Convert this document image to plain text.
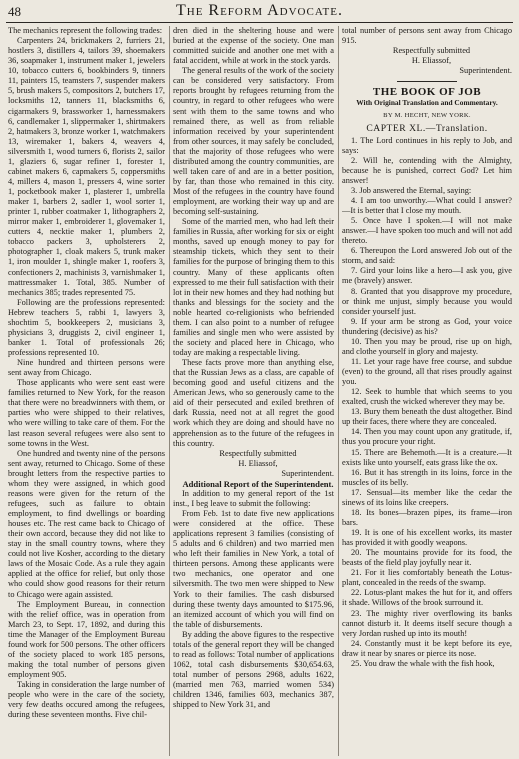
48	The Reform Advocate.

The mechanics represent the following trades:

Carpenters 24, brickmakers 2, furriers 21, hostlers 3, distillers 4, tailors 39, shoemakers 36, soapmaker 1, instrument maker 1, jewelers 10, tobacco cutters 6, bookbinders 9, tinners 11, painters 15, teamsters 7, suspender makers 5, brush makers 5, compositors 2, butchers 17, locksmiths 12, tanners 11, blacksmiths 6, cigarmakers 9, brassworker 1, harnessmakers 6, candlemaker 1, slippermaker 1, shirtmakers 2, hatmakers 3, bronze worker 1, watchmakers 13, wiremaker 1, bakers 4, weavers 4, silversmith 1, wood turners 6, florists 2, sailor 1, glaziers 6, sugar refiner 1, forester 1, cabinet makers 6, capmakers 5, coppersmiths 4, millers 4, mason 1, pressers 4, wine sorter 1, pocketbook maker 1, plasterer 1, umbrella maker 1, barbers 2, sadler 1, wool sorter 1, printer 1, rubber coatmaker 1, lithographers 2, mirror maker 1, embroiderer 1, glovemaker 1, cutters 4, necktie maker 1, plumbers 2, tobacco packers 3, upholsterers 2, photographer 1, cloak makers 5, trunk maker 1, iron moulder 1, shingle maker 1, roofers 3, confectioners 2, machinists 3, varnishmaker 1, mattressmaker 1. Total, 385. Number of mechanics 385; trades represented 75.

Following are the professions represented: Hebrew teachers 5, rabbi 1, lawyers 3, shochtim 5, bookkeepers 2, musicians 3, physicians 3, druggists 2, civil engineer 1, banker 1. Total of professionals 26; professions represented 10.

Nine hundred and thirteen persons were sent away from Chicago.

Those applicants who were sent east were families returned to New York, for the reason that there were no breadwinners with them, or parties who were shipped to their relatives, who were willing to take care of them. For the last reason several refugees were also sent to some towns in the West.

One hundred and twenty nine of the persons sent away, returned to Chicago. Some of these brought letters from the respective parties to whom they were assigned, in which good reasons were given for the return of the refugees, such as failure to obtain employment, to find dwellings or boarding houses etc. The rest came back to Chicago of their own accord, because they did not like to stay in the small country towns, where they could not live Kosher, according to the dietary laws of the Mosaic Code. As a rule they again applied at the office for relief, but only those who could show good reasons for their return to Chicago were again assisted.

The Employment Bureau, in connection with the relief office, was in operation from March 23, to Sept. 17, 1892, and during this time the Manager of the Employment Bureau found work for 500 persons. The other officers of the society placed to work 185 persons, making the total number of persons given employment 905.

Taking in consideration the large number of people who were in the care of the society, very few deaths occured among the refugees, during these seventeen months. Five chil-

dren died in the sheltering house and were buried at the expense of the society. One man committed suicide and another one met with a fatal accident, while at work in the stock yards.

The general results of the work of the society can be considered very satisfactory. From reports brought by refugees returning from the country, in regard to other refugees who were sent with them to the same towns and who remained there, as well as from reliable information received by your superintendent from other sources, it may safely be concluded, that the majority of those refugees who were distributed among the country communities, are well taken care of and are in a better position, by far, than those who remained in this city. Most of the refugees in the country have found employment, are working their way up and are becoming self-sustaining.

Some of the married men, who had left their families in Russia, after working for six or eight months, saved up enough money to pay for steamship tickets, which they sent to their families for the purpose of bringing them to this country. Many of these applicants often expressed to me their full satisfaction with their lot in their new homes and they had nothing but thanks and blessings for the society and the noble hearted co-religionists who befriended them. I can also point to a number of refugee families and single men who were assisted by the society and placed here in Chicago, who today are making a respectable living.

These facts prove more than anything else, that the Russian Jews as a class, are capable of becoming good and useful citizens and the American Jews, who so generously came to the aid of their persecuted and exiled brethren of dark Russia, need not at all regret the good work which they are doing and should have no apprehension as to the future of the refugees in this country.

Respectfully submitted

H. Eliassof,

Superintendent.

Additional Report of the Superintendent.

In addition to my general report of the 1st inst., I beg leave to submit the following:

From Feb. 1st to date five new applications were considered at the office. These applications represent 3 families (consisting of 5 adults and 6 children) and two married men who left their families in New York, a total of thirteen persons. Among these applicants were two mechanics, one operator and one silversmith. The two men were shipped to New York to their families. The cash disbursed during these twenty days amounted to $175.96, an itemized account of which you will find on the table of disbursements.

By adding the above figures to the respective totals of the general report they will be changed to read as follows: Total number of applications 1062, total cash disbursements $30,654.63, total number of persons 2968, adults 1622, (married men 763, married women 534) children 1346, families 603, mechanics 387, shipped to New York 31, and

total number of persons sent away from Chicago 915.

Respectfully submitted

H. Eliassof,

Superintendent.

THE BOOK OF JOB
With Original Translation and Commentary.
BY M. HECHT, NEW YORK.
CAPTER XL.—Translation.

1. The Lord continues in his reply to Job, and says:

2. Will he, contending with the Almighty, because he is punished, correct God? Let him answer!

3. Job answered the Eternal, saying:

4. I am too unworthy.—What could I answer?—It is better that I close my mouth.

5. Once have I spoken.—I will not make answer.—I have spoken too much and will not add thereto.

6. Thereupon the Lord answered Job out of the storm, and said:

7. Gird your loins like a hero—I ask you, give me (bravely) answer.

8. Granted that you disapprove my procedure, or think me unjust, simply because you would consider yourself just.

9. If your arm be strong as God, your voice thundering (decisive) as his?

10. Then you may be proud, rise up on high, and clothe yourself in glory and majesty.

11. Let your rage have free course, and subdue (even) to the ground, all that rises proudly against you.

12. Seek to humble that which seems to you exalted, crush the wicked wherever they may be.

13. Bury them beneath the dust altogether. Bind up their faces, there where they are concealed.

14. Then you may count upon any gratitude, if, thus you procure your right.

15. There are Behemoth.—It is a creature.—It exists like unto yourself, eats grass like the ox.

16. But it has strength in its loins, force in the muscles of its belly.

17. Sensual—its member like the cedar the sinews of its loins like creepers.

18. Its bones—brazen pipes, its frame—iron bars.

19. It is one of his excellent works, its master has provided it with goodly weapons.

20. The mountains provide for its food, the beasts of the field play joyfully near it.

21. For it lies comfortably beneath the Lotus-plant, concealed in the reeds of the swamp.

22. Lotus-plant makes the hut for it, and offers it shade. Willows of the brook surround it.

23. The mighty river overflowing its banks cannot disturb it. It deems itself secure though a very Jordan rushed up into its mouth!

24. Constantly must it be kept before its eye, draw it near by snares or pierce its nose.

25. You draw the whale with the fish hook,
